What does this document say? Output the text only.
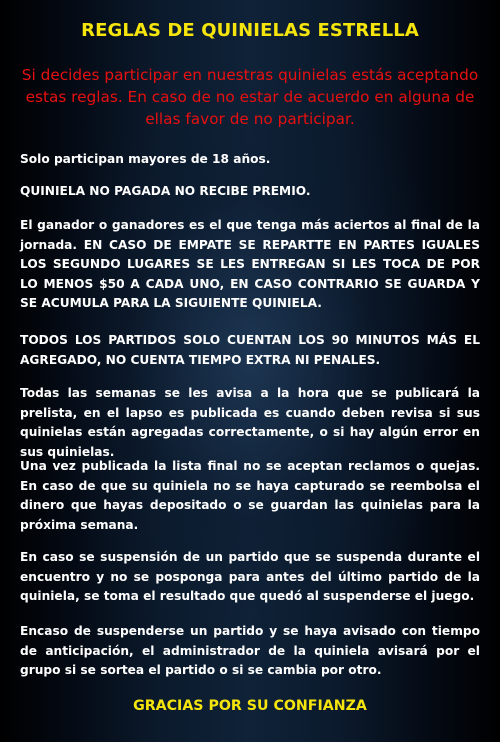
REGLAS DE QUINIELAS ESTRELLA
Si decides participar en nuestras quinielas estás aceptando estas reglas. En caso de no estar de acuerdo en alguna de ellas favor de no participar.

Solo participan mayores de 18 años.

QUINIELA NO PAGADA NO RECIBE PREMIO.

El ganador o ganadores es el que tenga más aciertos al final de la jornada. EN CASO DE EMPATE SE REPARTTE EN PARTES IGUALES LOS SEGUNDO LUGARES SE LES ENTREGAN SI LES TOCA DE POR LO MENOS $50 A CADA UNO, EN CASO CONTRARIO SE GUARDA Y SE ACUMULA PARA LA SIGUIENTE QUINIELA.

TODOS LOS PARTIDOS SOLO CUENTAN LOS 90 MINUTOS MÁS EL AGREGADO, NO CUENTA TIEMPO EXTRA NI PENALES.

Todas las semanas se les avisa a la hora que se publicará la prelista, en el lapso es publicada es cuando deben revisa si sus quinielas están agregadas correctamente, o si hay algún error en sus quinielas.

Una vez publicada la lista final no se aceptan reclamos o quejas. En caso de que su quiniela no se haya capturado se reembolsa el dinero que hayas depositado o se guardan las quinielas para la próxima semana.

En caso se suspensión de un partido que se suspenda durante el encuentro y no se posponga para antes del último partido de la quiniela, se toma el resultado que quedó al suspenderse el juego.

Encaso de suspenderse un partido y se haya avisado con tiempo de anticipación, el administrador de la quiniela avisará por el grupo si se sortea el partido o si se cambia por otro.

GRACIAS POR SU CONFIANZA
